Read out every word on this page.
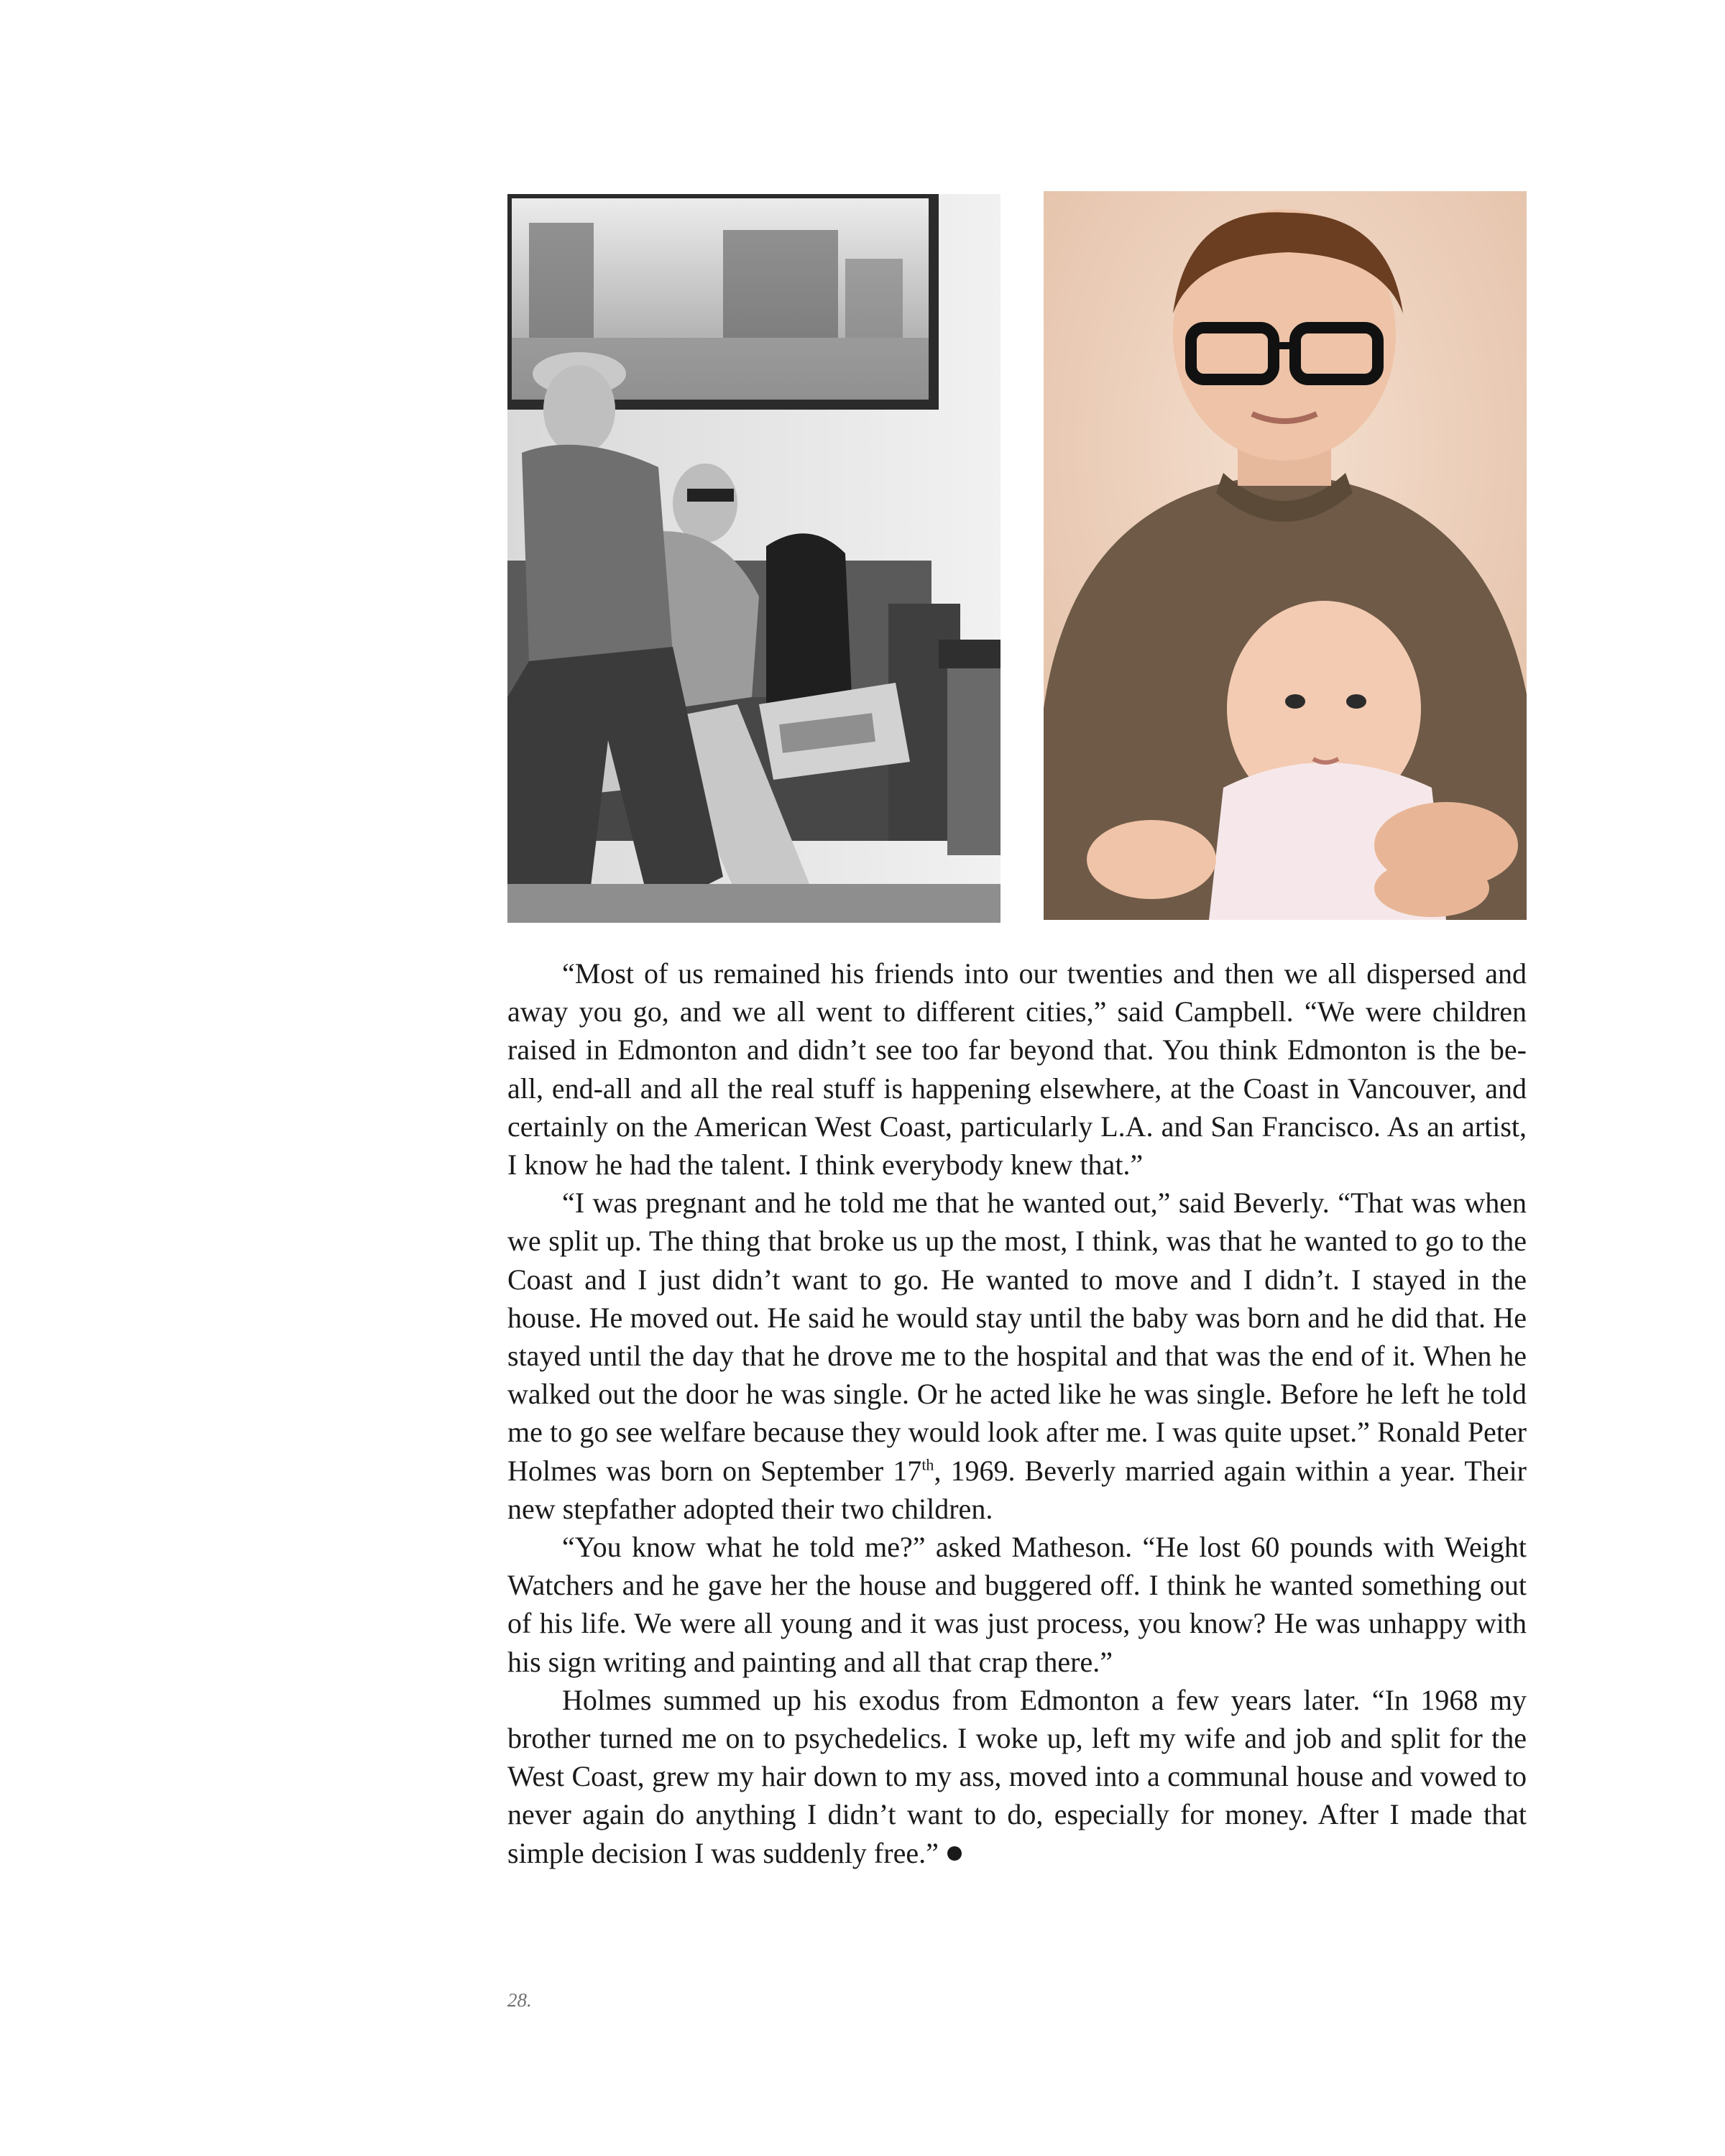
“Most of us remained his friends into our twenties and then we all dispersed and away you go, and we all went to different cities,” said Campbell. “We were children raised in Edmonton and didn’t see too far beyond that. You think Edmonton is the be-all, end-all and all the real stuff is happening elsewhere, at the Coast in Vancouver, and certainly on the American West Coast, particularly L.A. and San Francisco. As an artist, I know he had the talent. I think everybody knew that.”

“I was pregnant and he told me that he wanted out,” said Beverly. “That was when we split up. The thing that broke us up the most, I think, was that he wanted to go to the Coast and I just didn’t want to go. He wanted to move and I didn’t. I stayed in the house. He moved out. He said he would stay until the baby was born and he did that. He stayed until the day that he drove me to the hospital and that was the end of it. When he walked out the door he was single. Or he acted like he was single. Before he left he told me to go see welfare because they would look after me. I was quite upset.” Ronald Peter Holmes was born on September 17th, 1969. Beverly married again within a year. Their new stepfather adopted their two children.

“You know what he told me?” asked Matheson. “He lost 60 pounds with Weight Watchers and he gave her the house and buggered off. I think he wanted something out of his life. We were all young and it was just process, you know? He was unhappy with his sign writing and painting and all that crap there.”

Holmes summed up his exodus from Edmonton a few years later. “In 1968 my brother turned me on to psychedelics. I woke up, left my wife and job and split for the West Coast, grew my hair down to my ass, moved into a communal house and vowed to never again do anything I didn’t want to do, especially for money. After I made that simple decision I was suddenly free.”

28.
